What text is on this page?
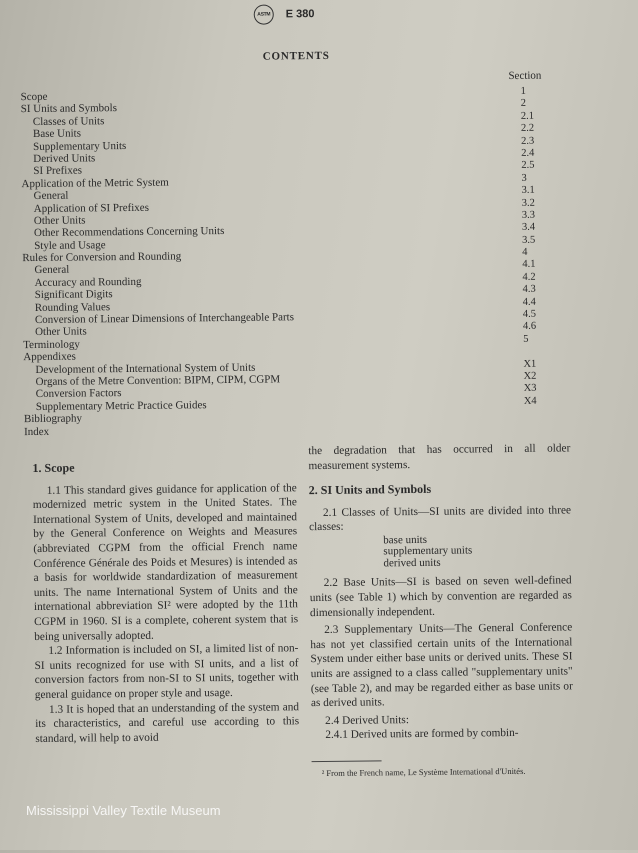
ASTM	E 380
CONTENTS
Section
Scope	1
SI Units and Symbols	2
Classes of Units	2.1
Base Units	2.2
Supplementary Units	2.3
Derived Units	2.4
SI Prefixes	2.5
Application of the Metric System	3
General	3.1
Application of SI Prefixes	3.2
Other Units	3.3
Other Recommendations Concerning Units	3.4
Style and Usage	3.5
Rules for Conversion and Rounding	4
General	4.1
Accuracy and Rounding	4.2
Significant Digits	4.3
Rounding Values	4.4
Conversion of Linear Dimensions of Interchangeable Parts	4.5
Other Units	4.6
Terminology	5
Appendixes
Development of the International System of Units	X1
Organs of the Metre Convention: BIPM, CIPM, CGPM	X2
Conversion Factors	X3
Supplementary Metric Practice Guides	X4
Bibliography
Index
1. Scope

1.1 This standard gives guidance for application of the modernized metric system in the United States. The International System of Units, developed and maintained by the General Conference on Weights and Measures (abbreviated CGPM from the official French name Conférence Générale des Poids et Mesures) is intended as a basis for worldwide standardization of measurement units. The name International System of Units and the international abbreviation SI² were adopted by the 11th CGPM in 1960. SI is a complete, coherent system that is being universally adopted.

1.2 Information is included on SI, a limited list of non-SI units recognized for use with SI units, and a list of conversion factors from non-SI to SI units, together with general guidance on proper style and usage.

1.3 It is hoped that an understanding of the system and its characteristics, and careful use according to this standard, will help to avoid

the degradation that has occurred in all older measurement systems.

2. SI Units and Symbols

2.1 Classes of Units—SI units are divided into three classes:

base units
supplementary units
derived units

2.2 Base Units—SI is based on seven well-defined units (see Table 1) which by convention are regarded as dimensionally independent.

2.3 Supplementary Units—The General Conference has not yet classified certain units of the International System under either base units or derived units. These SI units are assigned to a class called "supplementary units" (see Table 2), and may be regarded either as base units or as derived units.

2.4 Derived Units:

2.4.1 Derived units are formed by combin-

² From the French name, Le Système International d'Unités.
Mississippi Valley Textile Museum
